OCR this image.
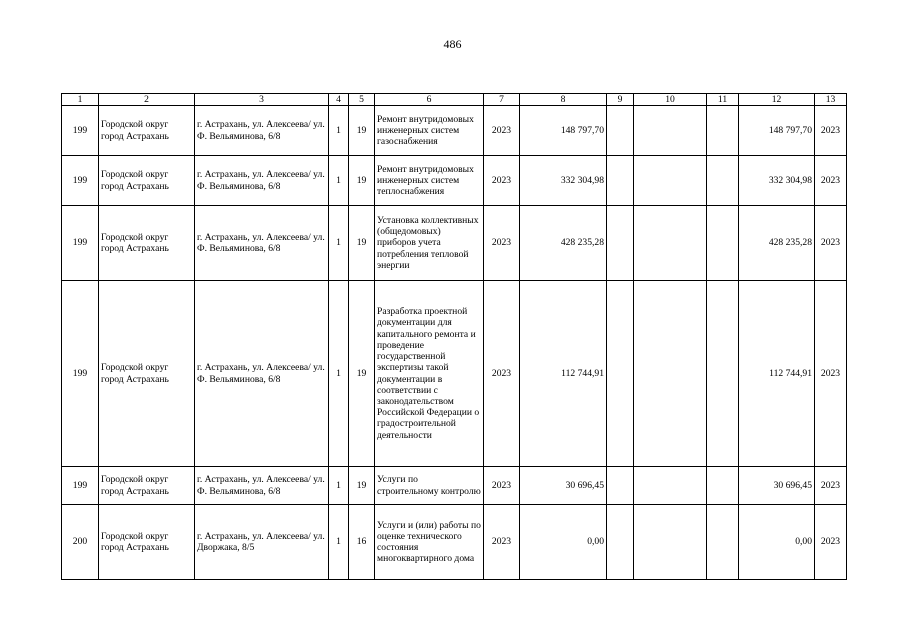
486
1	2	3	4	5	6	7	8	9	10	11	12	13
199	Городской округ город Астрахань	г. Астрахань, ул. Алексеева/ ул. Ф. Вельяминова, 6/8	1	19	Ремонт внутридомовых инженерных систем газоснабжения	2023	148 797,70				148 797,70	2023
199	Городской округ город Астрахань	г. Астрахань, ул. Алексеева/ ул. Ф. Вельяминова, 6/8	1	19	Ремонт внутридомовых инженерных систем теплоснабжения	2023	332 304,98				332 304,98	2023
199	Городской округ город Астрахань	г. Астрахань, ул. Алексеева/ ул. Ф. Вельяминова, 6/8	1	19	Установка коллективных (общедомовых) приборов учета потребления тепловой энергии	2023	428 235,28				428 235,28	2023
199	Городской округ город Астрахань	г. Астрахань, ул. Алексеева/ ул. Ф. Вельяминова, 6/8	1	19	Разработка проектной документации для капитального ремонта и проведение государственной экспертизы такой документации в соответствии с законодательством Российской Федерации о градостроительной деятельности	2023	112 744,91				112 744,91	2023
199	Городской округ город Астрахань	г. Астрахань, ул. Алексеева/ ул. Ф. Вельяминова, 6/8	1	19	Услуги по строительному контролю	2023	30 696,45				30 696,45	2023
200	Городской округ город Астрахань	г. Астрахань, ул. Алексеева/ ул. Дворжака, 8/5	1	16	Услуги и (или) работы по оценке технического состояния многоквартирного дома	2023	0,00				0,00	2023
